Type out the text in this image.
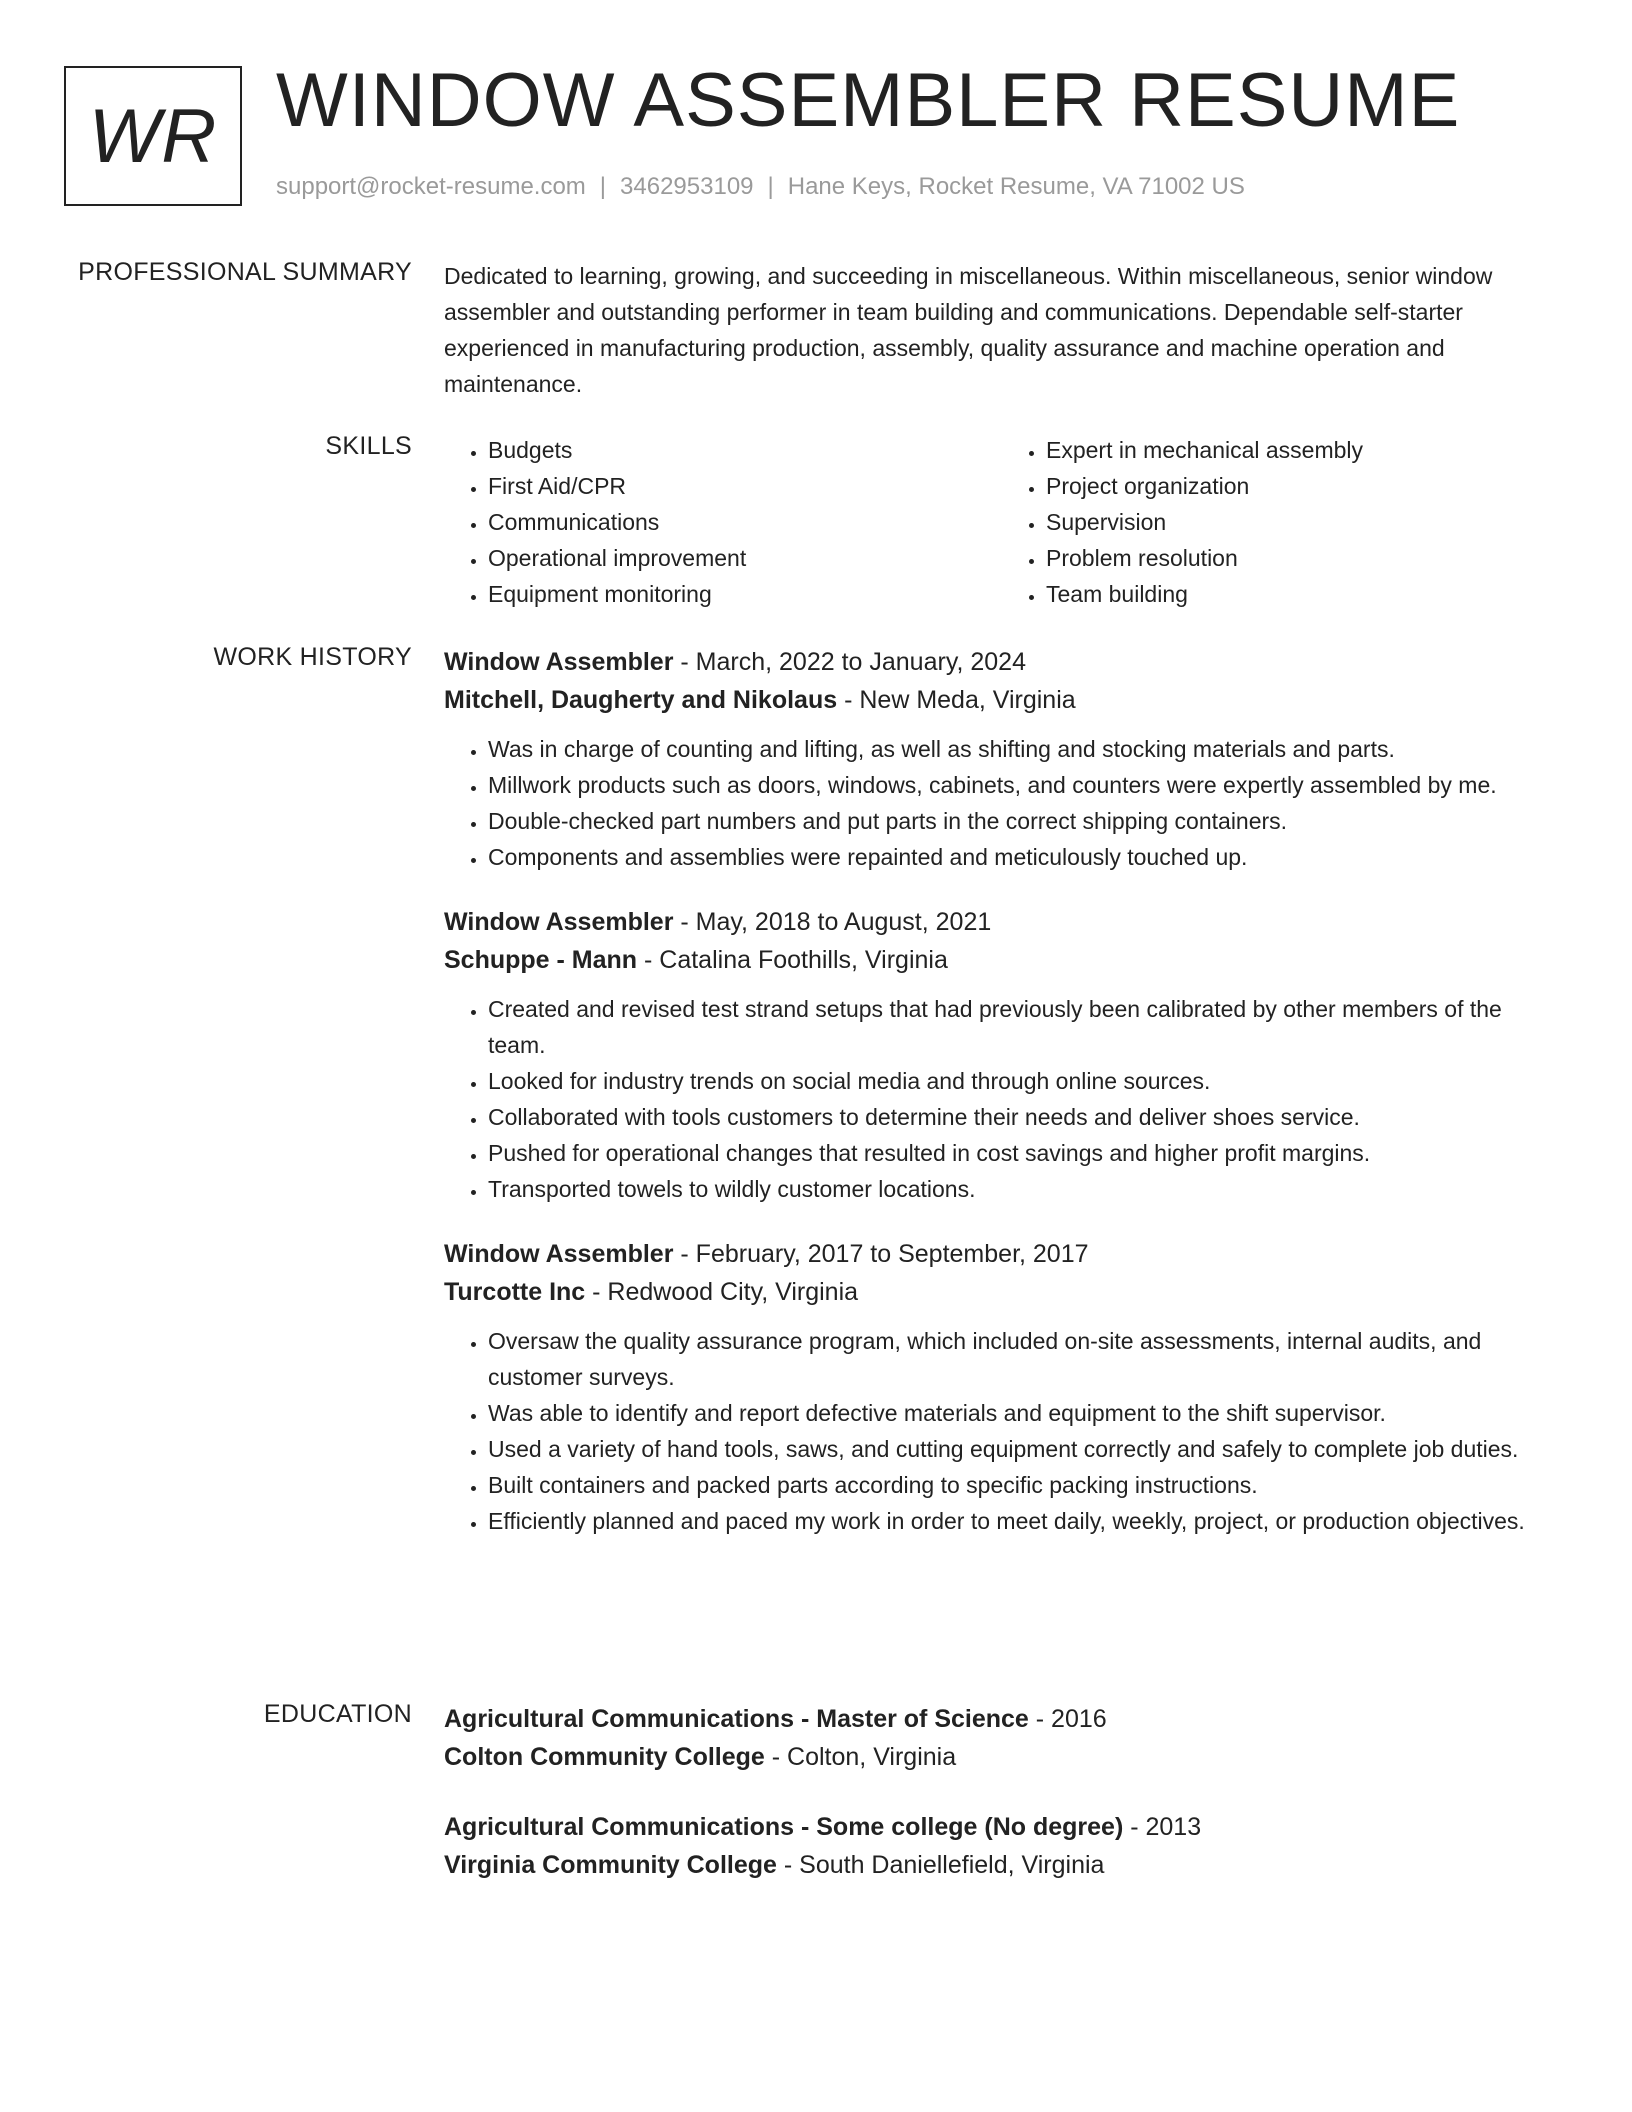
WR WINDOW ASSEMBLER RESUME
support@rocket-resume.com | 3462953109 | Hane Keys, Rocket Resume, VA 71002 US
PROFESSIONAL SUMMARY Dedicated to learning, growing, and succeeding in miscellaneous. Within miscellaneous, senior window assembler and outstanding performer in team building and communications. Dependable self-starter experienced in manufacturing production, assembly, quality assurance and machine operation and maintenance.
SKILLS
•	Budgets
• First Aid/CPR
• Communications
• Operational improvement
• Equipment monitoring
• Expert in mechanical assembly
• Project organization
• Supervision
• Problem resolution
• Team building
WORK HISTORY Window Assembler - March, 2022 to January, 2024
Mitchell, Daugherty and Nikolaus - New Meda, Virginia
• Was in charge of counting and lifting, as well as shifting and stocking materials and parts.
• Millwork products such as doors, windows, cabinets, and counters were expertly assembled by me.
• Double-checked part numbers and put parts in the correct shipping containers.
• Components and assemblies were repainted and meticulously touched up.
Window Assembler - May, 2018 to August, 2021
Schuppe - Mann - Catalina Foothills, Virginia
• Created and revised test strand setups that had previously been calibrated by other members of the team.
• Looked for industry trends on social media and through online sources.
• Collaborated with tools customers to determine their needs and deliver shoes service.
• Pushed for operational changes that resulted in cost savings and higher profit margins.
• Transported towels to wildly customer locations.
Window Assembler - February, 2017 to September, 2017
Turcotte Inc - Redwood City, Virginia
• Oversaw the quality assurance program, which included on-site assessments, internal audits, and customer surveys.
• Was able to identify and report defective materials and equipment to the shift supervisor.
• Used a variety of hand tools, saws, and cutting equipment correctly and safely to complete job duties.
• Built containers and packed parts according to specific packing instructions.
• Efficiently planned and paced my work in order to meet daily, weekly, project, or production objectives.
EDUCATION Agricultural Communications - Master of Science - 2016
Colton Community College - Colton, Virginia
Agricultural Communications - Some college (No degree) - 2013
Virginia Community College - South Daniellefield, Virginia
